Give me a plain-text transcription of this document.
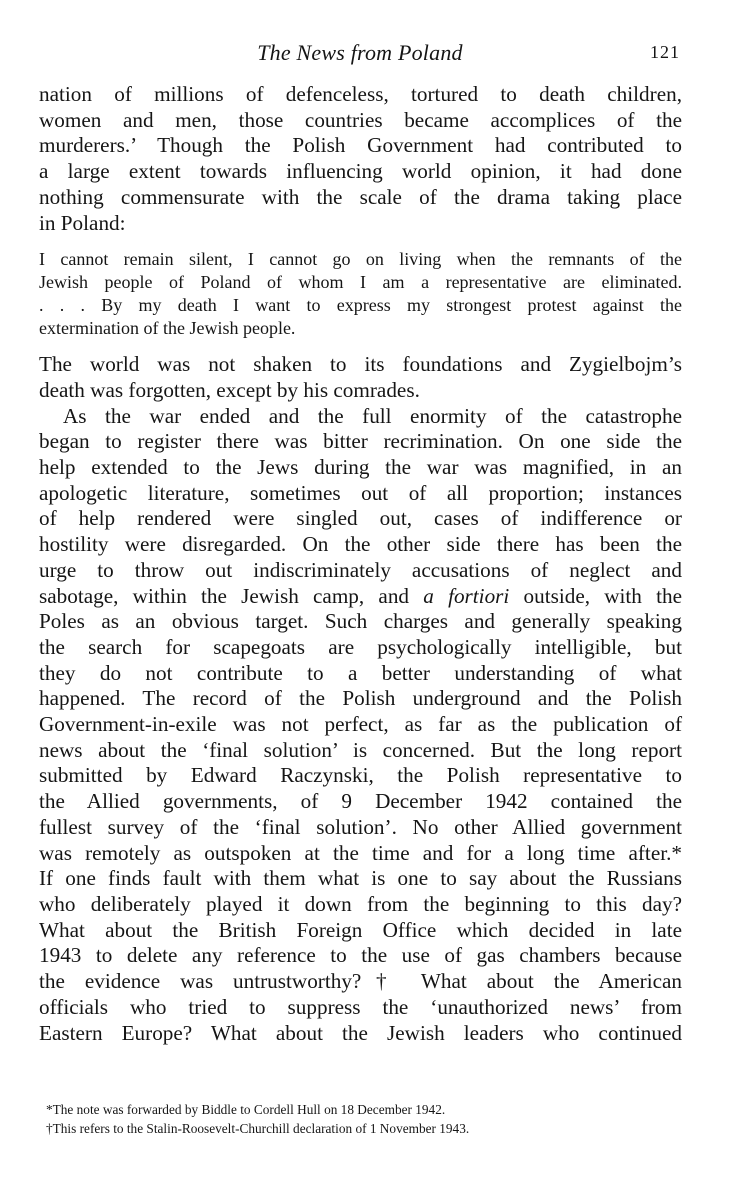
The News from Poland	121

nation of millions of defenceless, tortured to death children,
women and men, those countries became accomplices of the
murderers.’ Though the Polish Government had contributed to
a large extent towards influencing world opinion, it had done
nothing commensurate with the scale of the drama taking place
in Poland:

I cannot remain silent, I cannot go on living when the remnants of the
Jewish people of Poland of whom I am a representative are eliminated.
. . . By my death I want to express my strongest protest against the
extermination of the Jewish people.

The world was not shaken to its foundations and Zygielbojm’s
death was forgotten, except by his comrades.

As the war ended and the full enormity of the catastrophe
began to register there was bitter recrimination. On one side the
help extended to the Jews during the war was magnified, in an
apologetic literature, sometimes out of all proportion; instances
of help rendered were singled out, cases of indifference or
hostility were disregarded. On the other side there has been the
urge to throw out indiscriminately accusations of neglect and
sabotage, within the Jewish camp, and a fortiori outside, with the
Poles as an obvious target. Such charges and generally speaking
the search for scapegoats are psychologically intelligible, but
they do not contribute to a better understanding of what
happened. The record of the Polish underground and the Polish
Government-in-exile was not perfect, as far as the publication of
news about the ‘final solution’ is concerned. But the long report
submitted by Edward Raczynski, the Polish representative to
the Allied governments, of 9 December 1942 contained the
fullest survey of the ‘final solution’. No other Allied government
was remotely as outspoken at the time and for a long time after.*
If one finds fault with them what is one to say about the Russians
who deliberately played it down from the beginning to this day?
What about the British Foreign Office which decided in late
1943 to delete any reference to the use of gas chambers because
the evidence was untrustworthy?† What about the American
officials who tried to suppress the ‘unauthorized news’ from
Eastern Europe? What about the Jewish leaders who continued

*The note was forwarded by Biddle to Cordell Hull on 18 December 1942.
†This refers to the Stalin-Roosevelt-Churchill declaration of 1 November 1943.
